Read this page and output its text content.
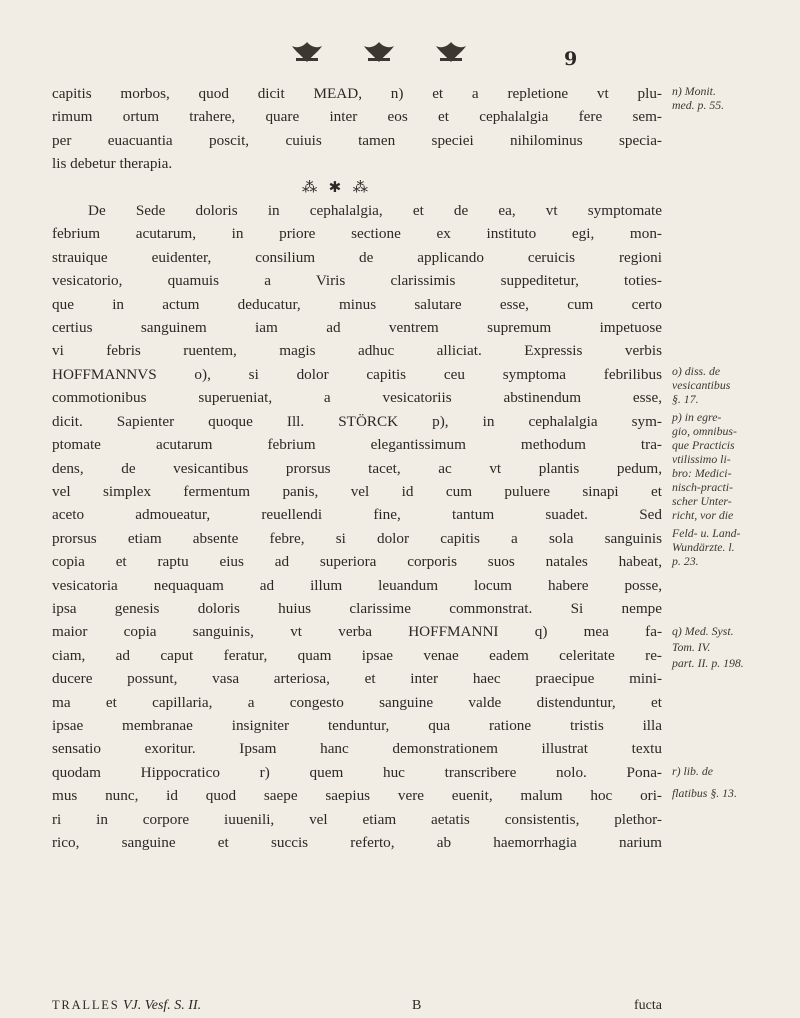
9
capitis morbos, quod dicit MEAD, n) et a repletione vt plu-
rimum ortum trahere, quare inter eos et cephalalgia fere sem-
per euacuantia poscit, cuiuis tamen speciei nihilominus specia-
lis debetur therapia.
⁂   ✱   ⁂
De Sede doloris in cephalalgia, et de ea, vt symptomate
febrium acutarum, in priore sectione ex instituto egi, mon-
strauique euidenter, consilium de applicando ceruicis regioni
vesicatorio, quamuis a Viris clarissimis suppeditetur, toties-
que in actum deducatur, minus salutare esse, cum certo
certius sanguinem iam ad ventrem supremum impetuose
vi febris ruentem, magis adhuc alliciat. Expressis verbis
HOFFMANNVS o), si dolor capitis ceu symptoma febrilibus
commotionibus superueniat, a vesicatoriis abstinendum esse,
dicit. Sapienter quoque Ill. STÖRCK p), in cephalalgia sym-
ptomate acutarum febrium elegantissimum methodum tra-
dens, de vesicantibus prorsus tacet, ac vt plantis pedum,
vel simplex fermentum panis, vel id cum puluere sinapi et
aceto admoueatur, reuellendi fine, tantum suadet. Sed
prorsus etiam absente febre, si dolor capitis a sola sanguinis
copia et raptu eius ad superiora corporis suos natales habeat,
vesicatoria nequaquam ad illum leuandum locum habere posse,
ipsa genesis doloris huius clarissime commonstrat. Si nempe
maior copia sanguinis, vt verba HOFFMANNI q) mea fa-
ciam, ad caput feratur, quam ipsae venae eadem celeritate re-
ducere possunt, vasa arteriosa, et inter haec praecipue mini-
ma et capillaria, a congesto sanguine valde distenduntur, et
ipsae membranae insigniter tenduntur, qua ratione tristis illa
sensatio exoritur. Ipsam hanc demonstrationem illustrat textu
quodam Hippocratico r) quem huc transcribere nolo. Pona-
mus nunc, id quod saepe saepius vere euenit, malum hoc ori-
ri in corpore iuuenili, vel etiam aetatis consistentis, plethor-
rico, sanguine et succis referto, ab haemorrhagia narium
n) Monit.
med. p. 55.
o) diss. de
vesicantibus
§. 17.
p) in egre-
gio, omnibus-
que Practicis
vtilissimo li-
bro: Medici-
nisch-practi-
scher Unter-
richt, vor die
Feld- u. Land-
Wundärzte. l.
p. 23.
q) Med. Syst.
Tom. IV.
part. II. p. 198.
r) lib. de
flatibus §. 13.
TRALLES VJ. Vesf. S. II.	B	fucta
